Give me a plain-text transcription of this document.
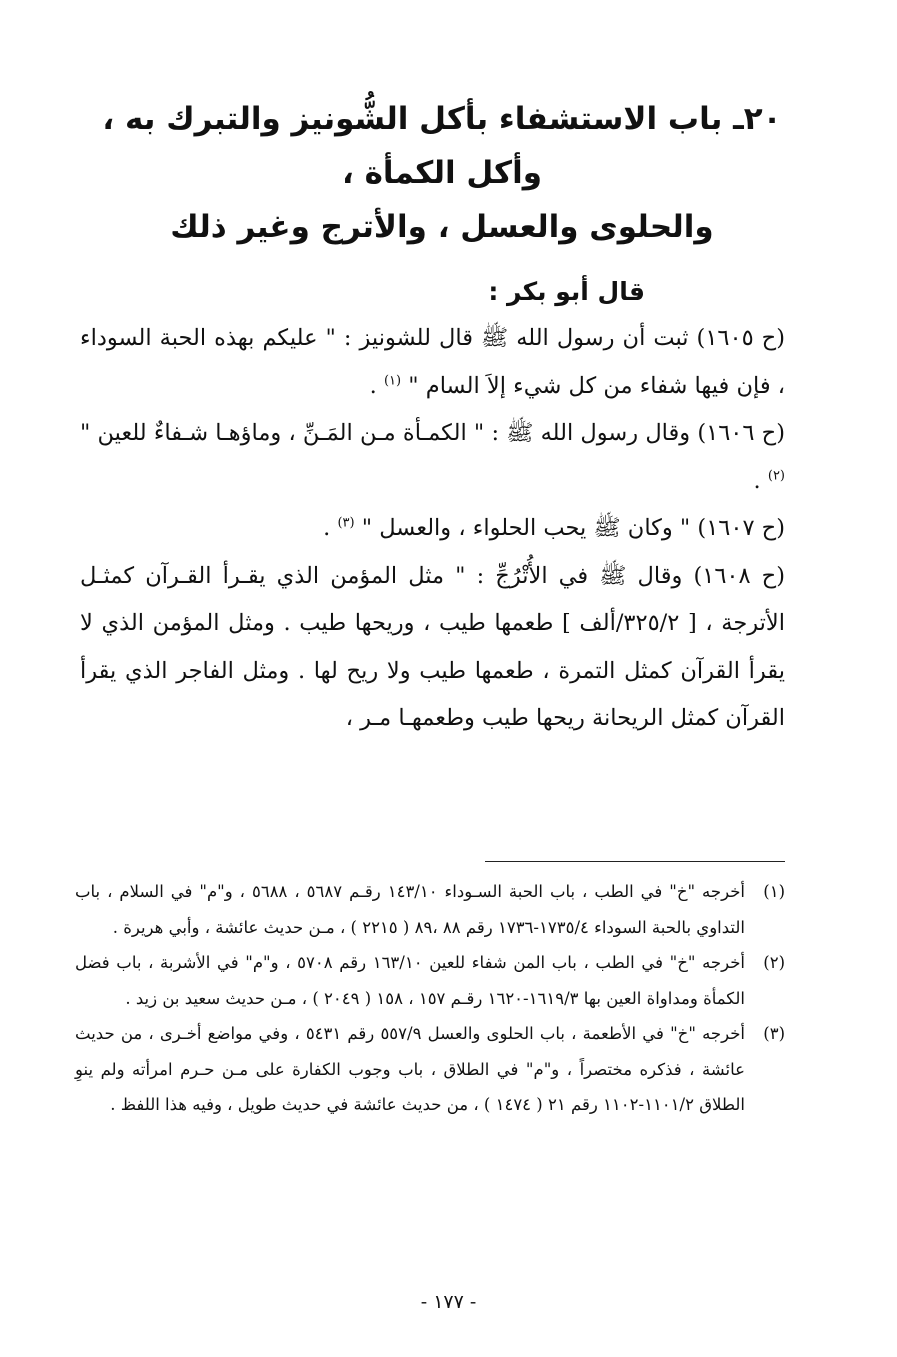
٢٠ـ باب الاستشفاء بأكل الشُّونيز والتبرك به ، وأكل الكمأة ،
والحلوى والعسل ، والأترج وغير ذلك

قال أبو بكر :

(ح ١٦٠٥) ثبت أن رسول الله ﷺ قال للشونيز : " عليكم بهذه الحبة السوداء ، فإن فيها شفاء من كل شيء إلاَ السام " $^{(١)}$ .

(ح ١٦٠٦) وقال رسول الله ﷺ : " الكمـأة مـن المَـنِّ ، وماؤهـا شـفاءٌ للعين " $^{(٢)}$ .

(ح ١٦٠٧) " وكان ﷺ يحب الحلواء ، والعسل " $^{(٣)}$ .

(ح ١٦٠٨) وقال ﷺ في الأُتْرُجِّ : " مثل المؤمن الذي يقـرأ القـرآن كمثـل الأترجة ، [ ٣٢٥/٢/ألف ] طعمها طيب ، وريحها طيب . ومثل المؤمن الذي لا يقرأ القرآن كمثل التمرة ، طعمها طيب ولا ريح لها . ومثل الفاجر الذي يقرأ القرآن كمثل الريحانة ريحها طيب وطعمهـا مـر ،

(١)
أخرجه "خ" في الطب ، باب الحبة السـوداء ١٤٣/١٠ رقـم ٥٦٨٧ ، ٥٦٨٨ ، و"م" في السلام ، باب التداوي بالحبة السوداء ١٧٣٥/٤-١٧٣٦ رقم ٨٨ ،٨٩ ( ٢٢١٥ ) ، مـن حديث عائشة ، وأبي هريرة .
(٢)
أخرجه "خ" في الطب ، باب المن شفاء للعين ١٦٣/١٠ رقم ٥٧٠٨ ، و"م" في الأشربة ، باب فضل الكمأة ومداواة العين بها ١٦١٩/٣-١٦٢٠ رقـم ١٥٧ ، ١٥٨ ( ٢٠٤٩ ) ، مـن حديث سعيد بن زيد .
(٣)
أخرجه "خ" في الأطعمة ، باب الحلوى والعسل ٥٥٧/٩ رقم ٥٤٣١ ، وفي مواضع أخـرى ، من حديث عائشة ، فذكره مختصراً ، و"م" في الطلاق ، باب وجوب الكفارة على مـن حـرم امرأته ولم ينوِ الطلاق ١١٠١/٢-١١٠٢ رقم ٢١ ( ١٤٧٤ ) ، من حديث عائشة في حديث طويل ، وفيه هذا اللفظ .
- ١٧٧ -
